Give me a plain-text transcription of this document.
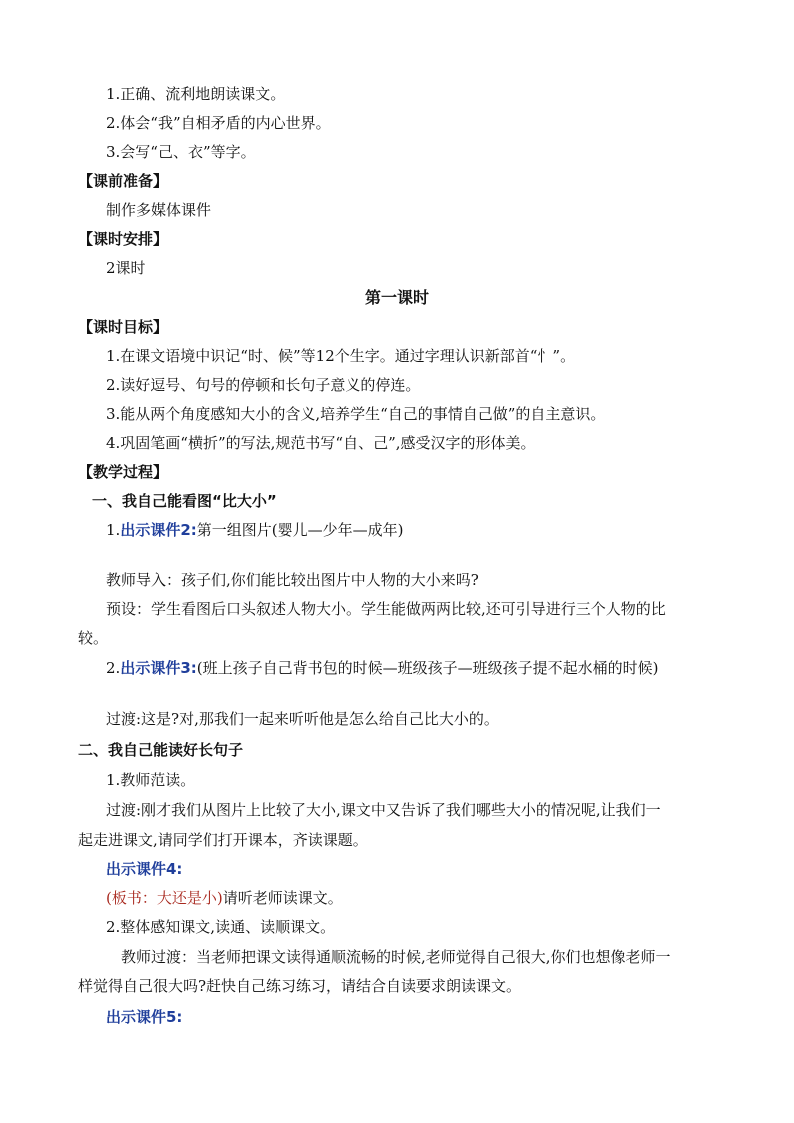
1.正确、流利地朗读课文。
2.体会“我”自相矛盾的内心世界。
3.会写“己、衣”等字。
【课前准备】
制作多媒体课件
【课时安排】
2课时
第一课时
【课时目标】
1.在课文语境中识记“时、候”等12个生字。通过字理认识新部首“忄”。
2.读好逗号、句号的停顿和长句子意义的停连。
3.能从两个角度感知大小的含义,培养学生“自己的事情自己做”的自主意识。
4.巩固笔画“横折”的写法,规范书写“自、己”,感受汉字的形体美。
【教学过程】
一、我自己能看图“比大小”
1.出示课件2:第一组图片(婴儿—少年—成年)
教师导入：孩子们,你们能比较出图片中人物的大小来吗?
预设：学生看图后口头叙述人物大小。学生能做两两比较,还可引导进行三个人物的比
较。
2.出示课件3:(班上孩子自己背书包的时候—班级孩子—班级孩子提不起水桶的时候)
过渡:这是?对,那我们一起来听听他是怎么给自己比大小的。
二、我自己能读好长句子
1.教师范读。
过渡:刚才我们从图片上比较了大小,课文中又告诉了我们哪些大小的情况呢,让我们一
起走进课文,请同学们打开课本，齐读课题。
出示课件4:
(板书：大还是小)请听老师读课文。
2.整体感知课文,读通、读顺课文。
教师过渡：当老师把课文读得通顺流畅的时候,老师觉得自己很大,你们也想像老师一
样觉得自己很大吗?赶快自己练习练习，请结合自读要求朗读课文。
出示课件5:
